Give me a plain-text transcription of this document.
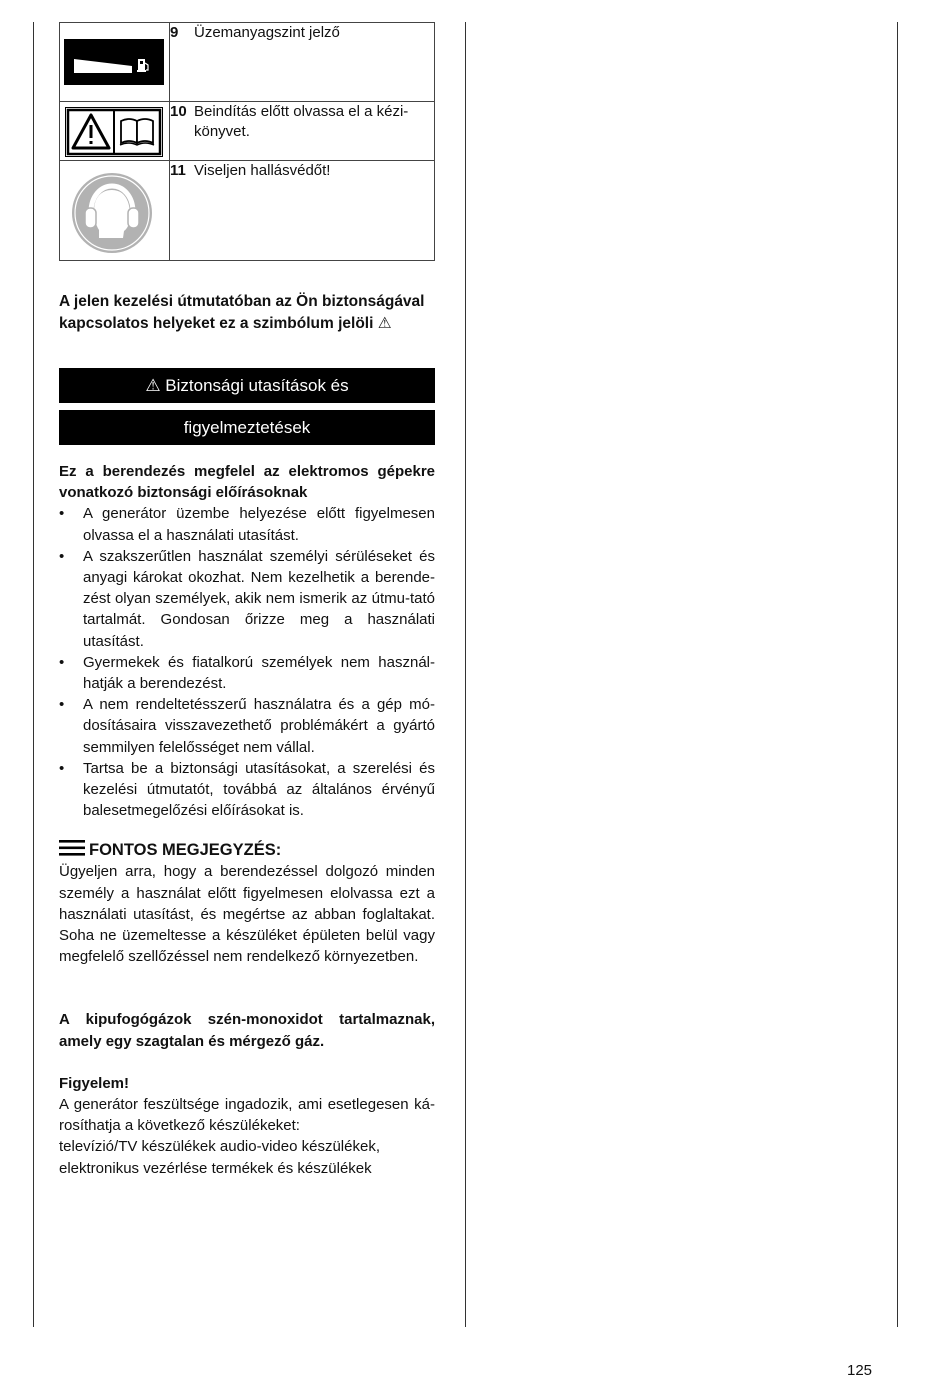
	9 Üzemanyagszint jelző

	10 Beindítás előtt olvassa el a kézi-könyvet.

	11 Viseljen hallásvédőt!
A jelen kezelési útmutatóban az Ön biztonságával kapcsolatos helyeket ez a szimbólum jelöli ⚠
⚠ Biztonsági utasítások és
figyelmeztetések
Ez a berendezés megfelel az elektromos gépekre vonatkozó biztonsági előírásoknak
• A generátor üzembe helyezése előtt figyelmesen olvassa el a használati utasítást.
• A szakszerűtlen használat személyi sérüléseket és anyagi károkat okozhat. Nem kezelhetik a berende-zést olyan személyek, akik nem ismerik az útmu-tató tartalmát. Gondosan őrizze meg a használati utasítást.
• Gyermekek és fiatalkorú személyek nem használ-hatják a berendezést.
• A nem rendeltetésszerű használatra és a gép mó-dosításaira visszavezethető problémákért a gyártó semmilyen felelősséget nem vállal.
• Tartsa be a biztonsági utasításokat, a szerelési és kezelési útmutatót, továbbá az általános érvényű balesetmegelőzési előírásokat is.
FONTOS MEGJEGYZÉS:
Ügyeljen arra, hogy a berendezéssel dolgozó minden személy a használat előtt figyelmesen elolvassa ezt a használati utasítást, és megértse az abban foglaltakat. Soha ne üzemeltesse a készüléket épületen belül vagy megfelelő szellőzéssel nem rendelkező környezetben.
A kipufogógázok szén-monoxidot tartalmaznak, amely egy szagtalan és mérgező gáz.
Figyelem!
A generátor feszültsége ingadozik, ami esetlegesen ká-rosíthatja a következő készülékeket:
televízió/TV készülékek audio-video készülékek,
elektronikus vezérlése termékek és készülékek
125
